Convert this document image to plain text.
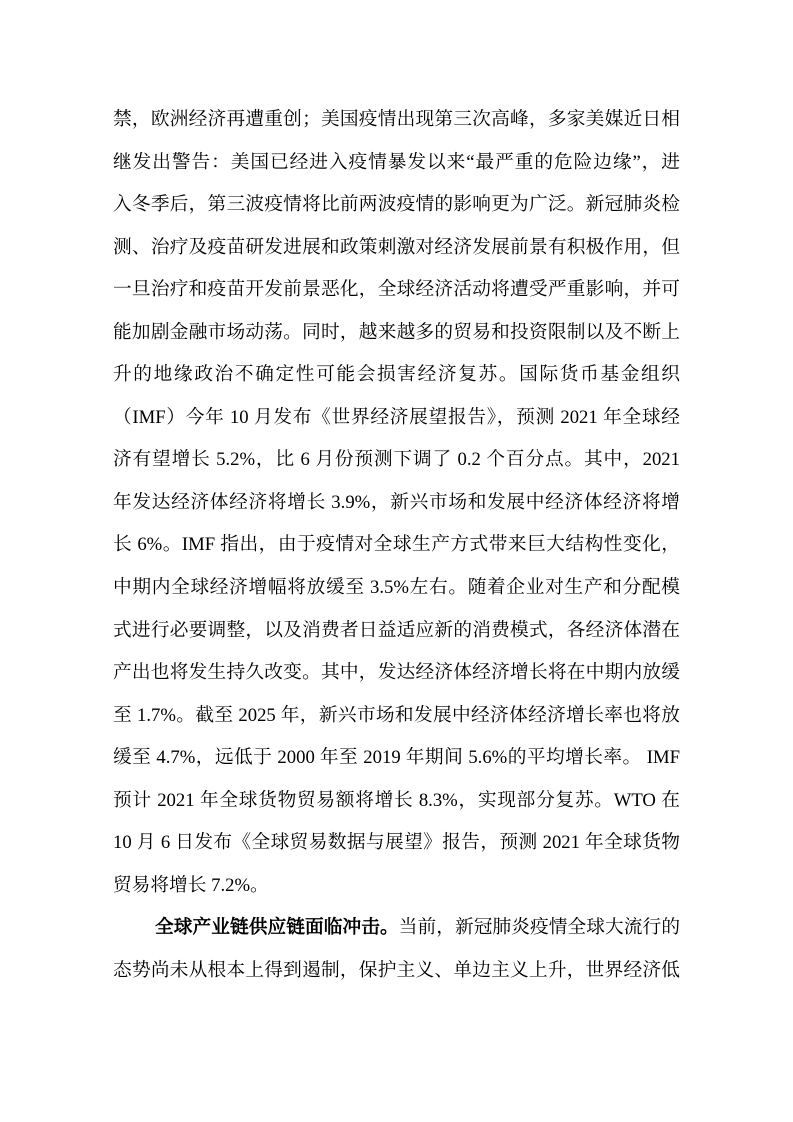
禁，欧洲经济再遭重创；美国疫情出现第三次高峰，多家美媒近日相
继发出警告：美国已经进入疫情暴发以来“最严重的危险边缘”，进
入冬季后，第三波疫情将比前两波疫情的影响更为广泛。新冠肺炎检
测、治疗及疫苗研发进展和政策刺激对经济发展前景有积极作用，但
一旦治疗和疫苗开发前景恶化，全球经济活动将遭受严重影响，并可
能加剧金融市场动荡。同时，越来越多的贸易和投资限制以及不断上
升的地缘政治不确定性可能会损害经济复苏。国际货币基金组织
（IMF）今年 10 月发布《世界经济展望报告》，预测 2021 年全球经
济有望增长 5.2%，比 6 月份预测下调了 0.2 个百分点。其中，2021
年发达经济体经济将增长 3.9%，新兴市场和发展中经济体经济将增
长 6%。IMF 指出，由于疫情对全球生产方式带来巨大结构性变化，
中期内全球经济增幅将放缓至 3.5%左右。随着企业对生产和分配模
式进行必要调整，以及消费者日益适应新的消费模式，各经济体潜在
产出也将发生持久改变。其中，发达经济体经济增长将在中期内放缓
至 1.7%。截至 2025 年，新兴市场和发展中经济体经济增长率也将放
缓至 4.7%，远低于 2000 年至 2019 年期间 5.6%的平均增长率。 IMF
预计 2021 年全球货物贸易额将增长 8.3%，实现部分复苏。WTO 在
10 月 6 日发布《全球贸易数据与展望》报告，预测 2021 年全球货物
贸易将增长 7.2%。
全球产业链供应链面临冲击。当前，新冠肺炎疫情全球大流行的
态势尚未从根本上得到遏制，保护主义、单边主义上升，世界经济低
